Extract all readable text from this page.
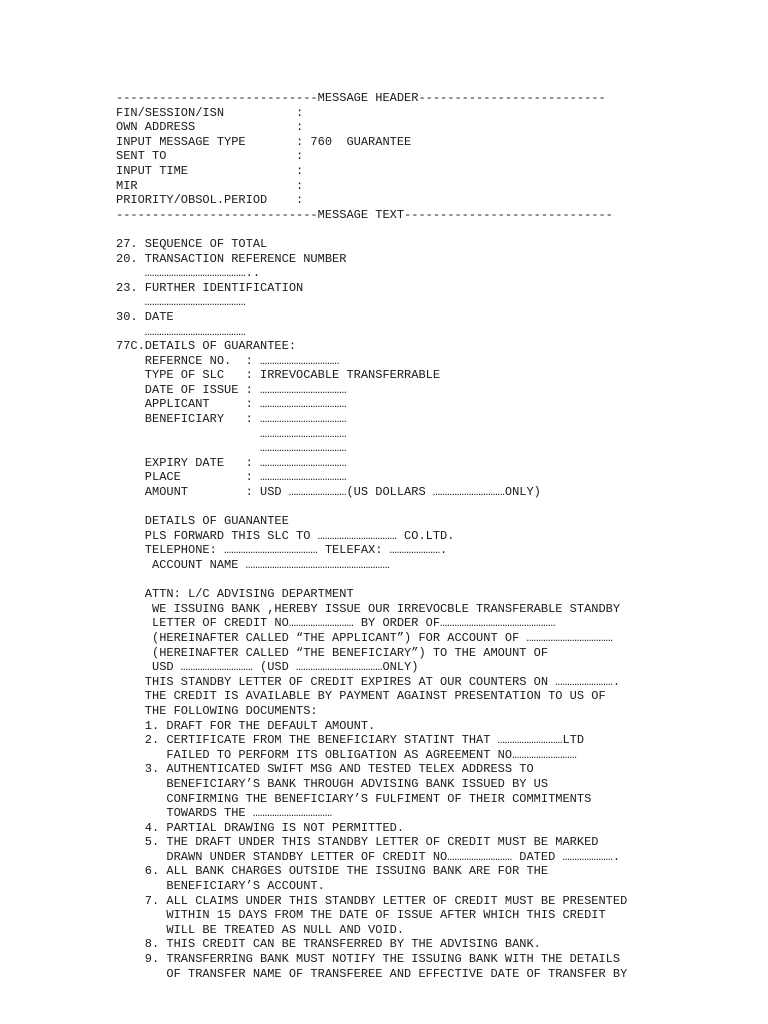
----------------------------MESSAGE HEADER--------------------------
FIN/SESSION/ISN          :
OWN ADDRESS              :
INPUT MESSAGE TYPE       : 760  GUARANTEE
SENT TO                  :
INPUT TIME               :
MIR                      :
PRIORITY/OBSOL.PERIOD    :
----------------------------MESSAGE TEXT-----------------------------
27. SEQUENCE OF TOTAL
20. TRANSACTION REFERENCE NUMBER
……………………………………..
23. FURTHER IDENTIFICATION
……………………………………
30. DATE
……………………………………
77C.DETAILS OF GUARANTEE:
REFERNCE NO.  : ……………………………
TYPE OF SLC   : IRREVOCABLE TRANSFERRABLE
DATE OF ISSUE : ………………………………
APPLICANT     : ………………………………
BENEFICIARY   : ………………………………
………………………………
………………………………
EXPIRY DATE   : ………………………………
PLACE         : ………………………………
AMOUNT        : USD ……………………(US DOLLARS …………………………ONLY)
DETAILS OF GUANANTEE
PLS FORWARD THIS SLC TO …………………………… CO.LTD.
TELEPHONE: ………………………………… TELEFAX: ………………….
ACCOUNT NAME ……………………………………………………
ATTN: L/C ADVISING DEPARTMENT
WE ISSUING BANK ,HEREBY ISSUE OUR IRREVOCBLE TRANSFERABLE STANDBY
LETTER OF CREDIT NO……………………… BY ORDER OF…………………………………………
(HEREINAFTER CALLED “THE APPLICANT”) FOR ACCOUNT OF ………………………………
(HEREINAFTER CALLED “THE BENEFICIARY”) TO THE AMOUNT OF
USD ………………………… (USD ………………………………ONLY)
THIS STANDBY LETTER OF CREDIT EXPIRES AT OUR COUNTERS ON …………………….
THE CREDIT IS AVAILABLE BY PAYMENT AGAINST PRESENTATION TO US OF
THE FOLLOWING DOCUMENTS:
1. DRAFT FOR THE DEFAULT AMOUNT.
2. CERTIFICATE FROM THE BENEFICIARY STATINT THAT ………………………LTD
FAILED TO PERFORM ITS OBLIGATION AS AGREEMENT NO………………………
3. AUTHENTICATED SWIFT MSG AND TESTED TELEX ADDRESS TO
BENEFICIARY’S BANK THROUGH ADVISING BANK ISSUED BY US
CONFIRMING THE BENEFICIARY’S FULFIMENT OF THEIR COMMITMENTS
TOWARDS THE ……………………………
4. PARTIAL DRAWING IS NOT PERMITTED.
5. THE DRAFT UNDER THIS STANDBY LETTER OF CREDIT MUST BE MARKED
DRAWN UNDER STANDBY LETTER OF CREDIT NO……………………… DATED ………………….
6. ALL BANK CHARGES OUTSIDE THE ISSUING BANK ARE FOR THE
BENEFICIARY’S ACCOUNT.
7. ALL CLAIMS UNDER THIS STANDBY LETTER OF CREDIT MUST BE PRESENTED
WITHIN 15 DAYS FROM THE DATE OF ISSUE AFTER WHICH THIS CREDIT
WILL BE TREATED AS NULL AND VOID.
8. THIS CREDIT CAN BE TRANSFERRED BY THE ADVISING BANK.
9. TRANSFERRING BANK MUST NOTIFY THE ISSUING BANK WITH THE DETAILS
OF TRANSFER NAME OF TRANSFEREE AND EFFECTIVE DATE OF TRANSFER BY
